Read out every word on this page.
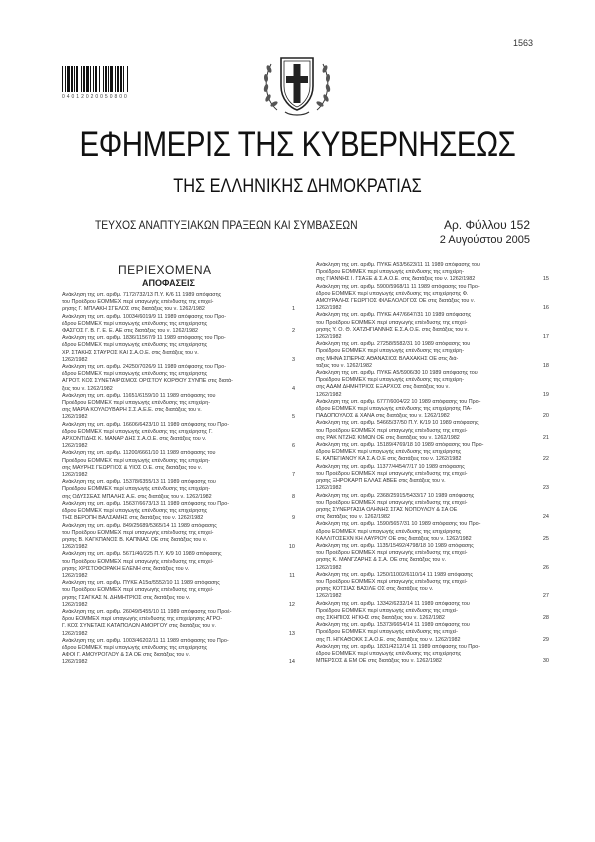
1563
0 4 0 1 2 0 2 0 0 5 0 8 0 0
ΕΦΗΜΕΡΙΣ ΤΗΣ ΚΥΒΕΡΝΗΣΕΩΣ
ΤΗΣ ΕΛΛΗΝΙΚΗΣ ΔΗΜΟΚΡΑΤΙΑΣ
ΤΕΥΧΟΣ ΑΝΑΠΤΥΞΙΑΚΩΝ ΠΡΑΞΕΩΝ ΚΑΙ ΣΥΜΒΑΣΕΩΝ	Αρ. Φύλλου 152
2 Αυγούστου 2005
ΠΕΡΙΕΧΟΜΕΝΑ
ΑΠΟΦΑΣΕΙΣ
Ανάκληση της υπ. αριθμ. 7172/732/13 Π.Υ. Κ/6 11 1989 απόφασης
του Προέδρου ΕΟΜΜΕΧ περί υπαγωγής επένδυσης της επιχεί-
ρησης Γ. ΜΠΛΑΚΗ ΣΓΕΛΟΣ στις διατάξεις του ν. 1262/1982	1
Ανάκληση της υπ. αριθμ. 10034/6019/9 11 1989 απόφασης του Προ-
έδρου ΕΟΜΜΕΧ περί υπαγωγής επένδυσης της επιχείρησης
ΦΑΣΓΟΣ Γ. Β. Γ. Ε. Ε. ΑΕ στις διατάξεις του ν. 1262/1982	2
Ανάκληση της υπ. αριθμ. 1836/11567/9 11 1989 απόφασης του Προ-
έδρου ΕΟΜΜΕΧ περί υπαγωγής επένδυσης της επιχείρησης
ΧΡ. ΣΤΑΚΗΣ ΣΤΑΥΡΟΣ ΚΑΙ Σ.Α.Ο.Ε. στις διατάξεις του ν.
1262/1982	3
Ανάκληση της υπ. αριθμ. 24250/7026/9 11 1989 απόφασης του Προ-
έδρου ΕΟΜΜΕΧ περί υπαγωγής επένδυσης της επιχείρησης
ΑΓΡΟΤ. ΚΟΣ ΣΥΝΕΤΑΙΡΙΣΜΟΣ ΟΡΙΣΤΟΥ ΚΟΡΘΟΥ ΣΥΝΠΕ στις διατά-
ξεις του ν. 1262/1982	4
Ανάκληση της υπ. αριθμ. 11651/6159/10 11 1989 απόφασης του
Προέδρου ΕΟΜΜΕΧ περί υπαγωγής επένδυσης της επιχείρη-
σης ΜΑΡΙΑ ΚΟΥΛΟΥΒΑΡΗ Σ.Σ.Α.Ε.Ε. στις διατάξεις του ν.
1262/1982	5
Ανάκληση της υπ. αριθμ. 16606/6423/10 11 1989 απόφασης του Προ-
έδρου ΕΟΜΜΕΧ περί υπαγωγής επένδυσης της επιχείρησης Γ.
ΑΡΧΟΝΤΙΔΗΣ Κ. ΜΑΝΑΡ ΔΗΣ Σ.Α.Ο.Ε. στις διατάξεις του ν.
1262/1982	6
Ανάκληση της υπ. αριθμ. 11200/6661/10 11 1989 απόφασης του
Προέδρου ΕΟΜΜΕΧ περί υπαγωγής επένδυσης της επιχείρη-
σης ΜΑΥΡΗΣ ΓΕΩΡΓΙΟΣ & ΥΙΟΣ Ο.Ε. στις διατάξεις του ν.
1262/1982	7
Ανάκληση της υπ. αριθμ. 15378/6355/13 11 1989 απόφασης του
Προέδρου ΕΟΜΜΕΧ περί υπαγωγής επένδυσης της επιχείρη-
σης ΟΔΥΣΣΕΑΣ ΜΠΑΛΗΣ Α.Ε. στις διατάξεις του ν. 1262/1982	8
Ανάκληση της υπ. αριθμ. 15637/6673/13 11 1989 απόφασης του Προ-
έδρου ΕΟΜΜΕΧ περί υπαγωγής επένδυσης της επιχείρησης
ΤΗΣ ΒΕΡΟΠΗ ΒΑΛΣΑΜΗΣ στις διατάξεις του ν. 1262/1982	9
Ανάκληση της υπ. αριθμ. 849/25689/5365/14 11 1989 απόφασης
του Προέδρου ΕΟΜΜΕΧ περί υπαγωγής επένδυσης της επιχεί-
ρησης Β. ΚΑΓΚΠΑΝΟΣ Β. ΚΑΠΝΙΑΣ ΟΕ στις διατάξεις του ν.
1262/1982	10
Ανάκληση της υπ. αριθμ. 5671/40/225 Π.Υ. Κ/9 10 1989 απόφασης
του Προέδρου ΕΟΜΜΕΧ περί υπαγωγής επένδυσης της επιχεί-
ρησης ΧΡΙΣΤΟΦΟΡΑΚΗ ΕΛΕΝΗ στις διατάξεις του ν.
1262/1982	11
Ανάκληση της υπ. αριθμ. ΠΥΚΕ Α15α/5552/10 11 1989 απόφασης
του Προέδρου ΕΟΜΜΕΧ περί υπαγωγής επένδυσης της επιχεί-
ρησης ΓΣΑΓΚΑΣ Ν. ΔΗΜΗΤΡΙΟΣ στις διατάξεις του ν.
1262/1982	12
Ανάκληση της υπ. αριθμ. 26049/5455/10 11 1989 απόφασης του Προέ-
δρου ΕΟΜΜΕΧ περί υπαγωγής επένδυσης της επιχείρησης ΑΓΡΟ-
Γ. ΚΟΣ ΣΥΝΕΤΑΙΣ ΚΑΤΑΠΟΛΩΝ ΑΜΟΡΓΟΥ στις διατάξεις του ν.
1262/1982	13
Ανάκληση της υπ. αριθμ. 1003/46202/11 11 1989 απόφασης του Προ-
έδρου ΕΟΜΜΕΧ περί υπαγωγής επένδυσης της επιχείρησης
ΑΦΟΙ Γ. ΑΜΟΥΡΟΓΛΟΥ & ΣΑ ΟΕ στις διατάξεις του ν.
1262/1982	14
Ανάκληση της υπ. αριθμ. ΠΥΚΕ Α53/5623/11 11 1989 απόφασης του
Προέδρου ΕΟΜΜΕΧ περί υπαγωγής επένδυσης της επιχείρη-
σης ΓΙΑΝΝΗΣ Ι. ΓΣΑΞΕ & Σ.Α.Ο.Ε. στις διατάξεις του ν. 1262/1982	15
Ανάκληση της υπ. αριθμ. 5900/5968/11 11 1989 απόφασης του Προ-
έδρου ΕΟΜΜΕΧ περί υπαγωγής επένδυσης της επιχείρησης Φ.
ΑΜΟΥΡΑΛΗΣ ΓΕΩΡΓΙΟΣ ΦΙΛΕΛΟΛΟΓΟΣ ΟΕ στις διατάξεις του ν.
1262/1982	16
Ανάκληση της υπ. αριθμ. ΠΥΚΕ Α47/6647/31 10 1989 απόφασης
του Προέδρου ΕΟΜΜΕΧ περί υπαγωγής επένδυσης της επιχεί-
ρησης Υ. Ο. Θ. ΧΑΤΖΗΓΙΑΝΝΗΣ Ε.Σ.Α.Ο.Ε. στις διατάξεις του ν.
1262/1982	17
Ανάκληση της υπ. αριθμ. 27258/5582/31 10 1989 απόφασης του
Προέδρου ΕΟΜΜΕΧ περί υπαγωγής επένδυσης της επιχείρη-
σης ΜΗΝΑ ΣΠΕΡΗΣ ΑΘΑΝΑΣΙΟΣ ΒΛΑΧΑΚΗΣ ΟΕ στις διά-
ταξεις του ν. 1262/1982	18
Ανάκληση της υπ. αριθμ. ΠΥΚΕ Α5/5906/30 10 1989 απόφασης του
Προέδρου ΕΟΜΜΕΧ περί υπαγωγής επένδυσης της επιχείρη-
σης ΑΔΑΜ ΔΗΜΗΤΡΙΟΣ ΕΞΑΡΧΟΣ στις διατάξεις του ν.
1262/1982	19
Ανάκληση της υπ. αριθμ. 6777/6004/22 10 1989 απόφασης του Προ-
έδρου ΕΟΜΜΕΧ περί υπαγωγής επένδυσης της επιχείρησης ΠΑ-
ΠΑΔΟΠΟΥΛΟΣ & ΧΑΝΑ στις διατάξεις του ν. 1262/1982	20
Ανάκληση της υπ. αριθμ. 54665/37/50 Π.Υ. Κ/19 10 1989 απόφασης
του Προέδρου ΕΟΜΜΕΧ περί υπαγωγής επένδυσης της επιχεί-
σης ΡΑΚ ΝΤΖΗΣ ΚΙΜΩΝ ΟΕ στις διατάξεις του ν. 1262/1982	21
Ανάκληση της υπ. αριθμ. 15189/4769/18 10 1989 απόφασης του Προ-
έδρου ΕΟΜΜΕΧ περί υπαγωγής επένδυσης της επιχείρησης
Ε. ΚΑΠΕΓΙΑΝΟΥ ΚΑ Σ.Α.Ο.Ε στις διατάξεις του ν. 1262/1982	22
Ανάκληση της υπ. αριθμ. 11377/4454/7/17 10 1989 απόφασης
του Προέδρου ΕΟΜΜΕΧ περί υπαγωγής επένδυσης της επιχεί-
ρησης ΞΗΡΟΚΑΡΠ ΕΛΛΑΣ ΑΒΕΕ στις διατάξεις του ν.
1262/1982	23
Ανάκληση της υπ. αριθμ. 2368/25915/5433/17 10 1989 απόφασης
του Προέδρου ΕΟΜΜΕΧ περί υπαγωγής επένδυσης της επιχεί-
ρησης ΣΥΝΕΡΓΑΣΙΑ ΟΛΗΝΗΣ ΣΓΑΣ ΝΟΠΟΥΛΟΥ & ΣΑ ΟΕ
στις διατάξεις του ν. 1262/1982	24
Ανάκληση της υπ. αριθμ. 1590/5657/31 10 1989 απόφασης του Προ-
έδρου ΕΟΜΜΕΧ περί υπαγωγής επένδυσης της επιχείρησης
ΚΑΛΛΙΤΟΣΕΧΝ ΚΗ ΛΑΥΡΙΟΥ ΟΕ στις διατάξεις του ν. 1262/1982	25
Ανάκληση της υπ. αριθμ. 1135/15492/4798/18 10 1989 απόφασης
του Προέδρου ΕΟΜΜΕΧ περί υπαγωγής επένδυσης της επιχεί-
ρησης Κ. ΜΑΝΓΖΑΡΗΣ & Σ.Α. ΟΕ στις διατάξεις του ν.
1262/1982	26
Ανάκληση της υπ. αριθμ. 1250/11002/6110/14 11 1989 απόφασης
του Προέδρου ΕΟΜΜΕΧ περί υπαγωγής επένδυσης της επιχεί-
ρησης ΚΟΤΣΙΑΣ ΒΑΣΙΛΕ ΟΣ στις διατάξεις του ν.
1262/1982	27
Ανάκληση της υπ. αριθμ. 13342/6232/14 11 1989 απόφασης του
Προέδρου ΕΟΜΜΕΧ περί υπαγωγής επένδυσης της επιχεί-
σης ΣΚΗΠΙΟΣ ΗΓΚΗΣ στις διατάξεις του ν. 1262/1982	28
Ανάκληση της υπ. αριθμ. 15373/6654/14 11 1989 απόφασης του
Προέδρου ΕΟΜΜΕΧ περί υπαγωγής επένδυσης της επιχεί-
σης Π. ΗΓΚΑΘΟΚΚ Σ.Α.Ο.Ε. στις διατάξεις του ν. 1262/1982	29
Ανάκληση της υπ. αριθμ. 1831/4212/14 11 1989 απόφασης του Προ-
έδρου ΕΟΜΜΕΧ περί υπαγωγής επένδυσης της επιχείρησης
ΜΠΕΡΣΟΣ & ΕΜ ΟΕ στις διατάξεις του ν. 1262/1982	30
